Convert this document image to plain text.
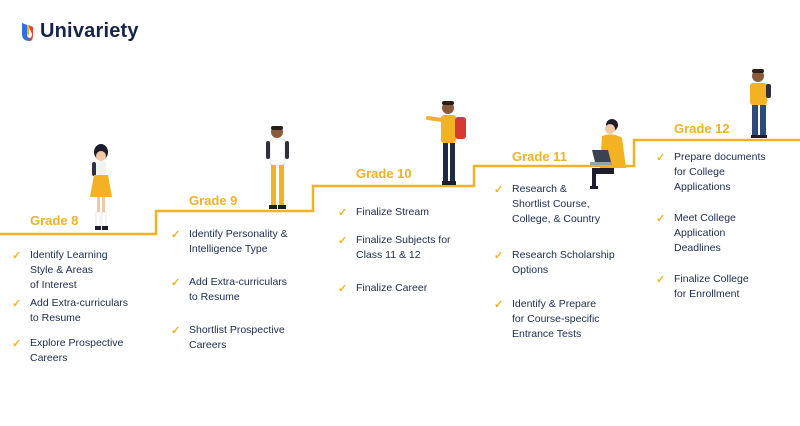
Univariety
Grade 8
Grade 9
Grade 10
Grade 11
Grade 12
✓ Identify Learning
Style & Areas
of Interest
✓ Add Extra-curriculars
to Resume
✓ Explore Prospective
Careers
✓ Identify Personality &
Intelligence Type
✓ Add Extra-curriculars
to Resume
✓ Shortlist Prospective
Careers
✓ Finalize Stream
✓ Finalize Subjects for
Class 11 & 12
✓ Finalize Career
✓ Research &
Shortlist Course,
College, & Country
✓ Research Scholarship
Options
✓ Identify & Prepare
for Course-specific
Entrance Tests
✓ Prepare documents
for College
Applications
✓ Meet College
Application
Deadlines
✓ Finalize College
for Enrollment
